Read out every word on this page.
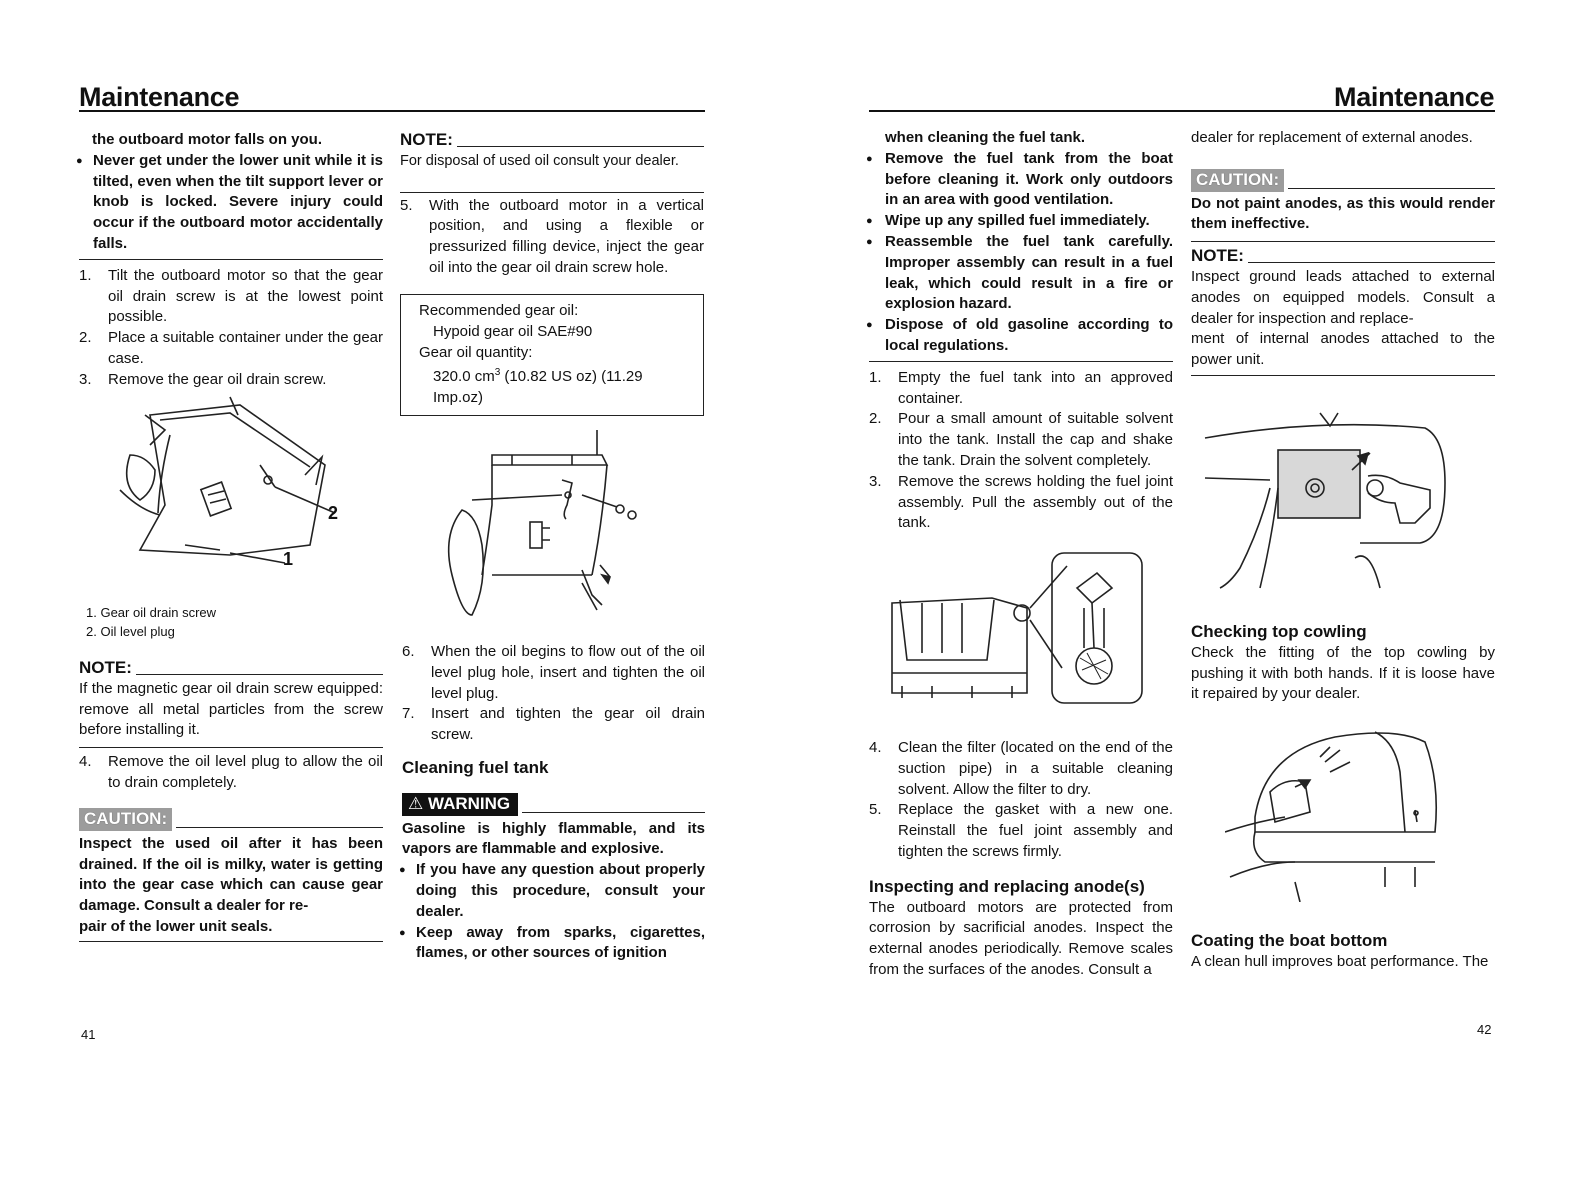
Maintenance

the outboard motor falls on you.

● Never get under the lower unit while it is tilted, even when the tilt support lever or knob is locked. Severe injury could occur if the outboard motor accidentally falls.

1. Tilt the outboard motor so that the gear oil drain screw is at the lowest point possible.

2. Place a suitable container under the gear case.

3. Remove the gear oil drain screw.

2
1
1. Gear oil drain screw
2. Oil level plug
NOTE:

If the magnetic gear oil drain screw equipped: remove all metal particles from the screw before installing it.

4. Remove the oil level plug to allow the oil to drain completely.

CAUTION:

Inspect the used oil after it has been drained. If the oil is milky, water is getting into the gear case which can cause gear damage. Consult a dealer for re-
pair of the lower unit seals.

41
NOTE:

For disposal of used oil consult your dealer.

5. With the outboard motor in a vertical position, and using a flexible or pressurized filling device, inject the gear oil into the gear oil drain screw hole.

Recommended gear oil:
Hypoid gear oil SAE#90
Gear oil quantity:
320.0 $cm^3$ (10.82 US oz) (11.29 Imp.oz)

6. When the oil begins to flow out of the oil level plug hole, insert and tighten the oil level plug.

7. Insert and tighten the gear oil drain screw.

Cleaning fuel tank

⚠ WARNING

Gasoline is highly flammable, and its vapors are flammable and explosive.

● If you have any question about properly doing this procedure, consult your dealer.

● Keep away from sparks, cigarettes, flames, or other sources of ignition

Maintenance

when cleaning the fuel tank.

● Remove the fuel tank from the boat before cleaning it. Work only outdoors in an area with good ventilation.

● Wipe up any spilled fuel immediately.

● Reassemble the fuel tank carefully. Improper assembly can result in a fuel leak, which could result in a fire or explosion hazard.

● Dispose of old gasoline according to local regulations.

1. Empty the fuel tank into an approved container.

2. Pour a small amount of suitable solvent into the tank. Install the cap and shake the tank. Drain the solvent completely.

3. Remove the screws holding the fuel joint assembly. Pull the assembly out of the tank.

4. Clean the filter (located on the end of the suction pipe) in a suitable cleaning solvent. Allow the filter to dry.

5. Replace the gasket with a new one. Reinstall the fuel joint assembly and tighten the screws firmly.

Inspecting and replacing anode(s)

The outboard motors are protected from corrosion by sacrificial anodes. Inspect the external anodes periodically. Remove scales from the surfaces of the anodes. Consult a

dealer for replacement of external anodes.

CAUTION:

Do not paint anodes, as this would render them ineffective.

NOTE:

Inspect ground leads attached to external anodes on equipped models. Consult a dealer for inspection and replace-
ment of internal anodes attached to the power unit.

Checking top cowling

Check the fitting of the top cowling by pushing it with both hands. If it is loose have it repaired by your dealer.

Coating the boat bottom

A clean hull improves boat performance. The

42
